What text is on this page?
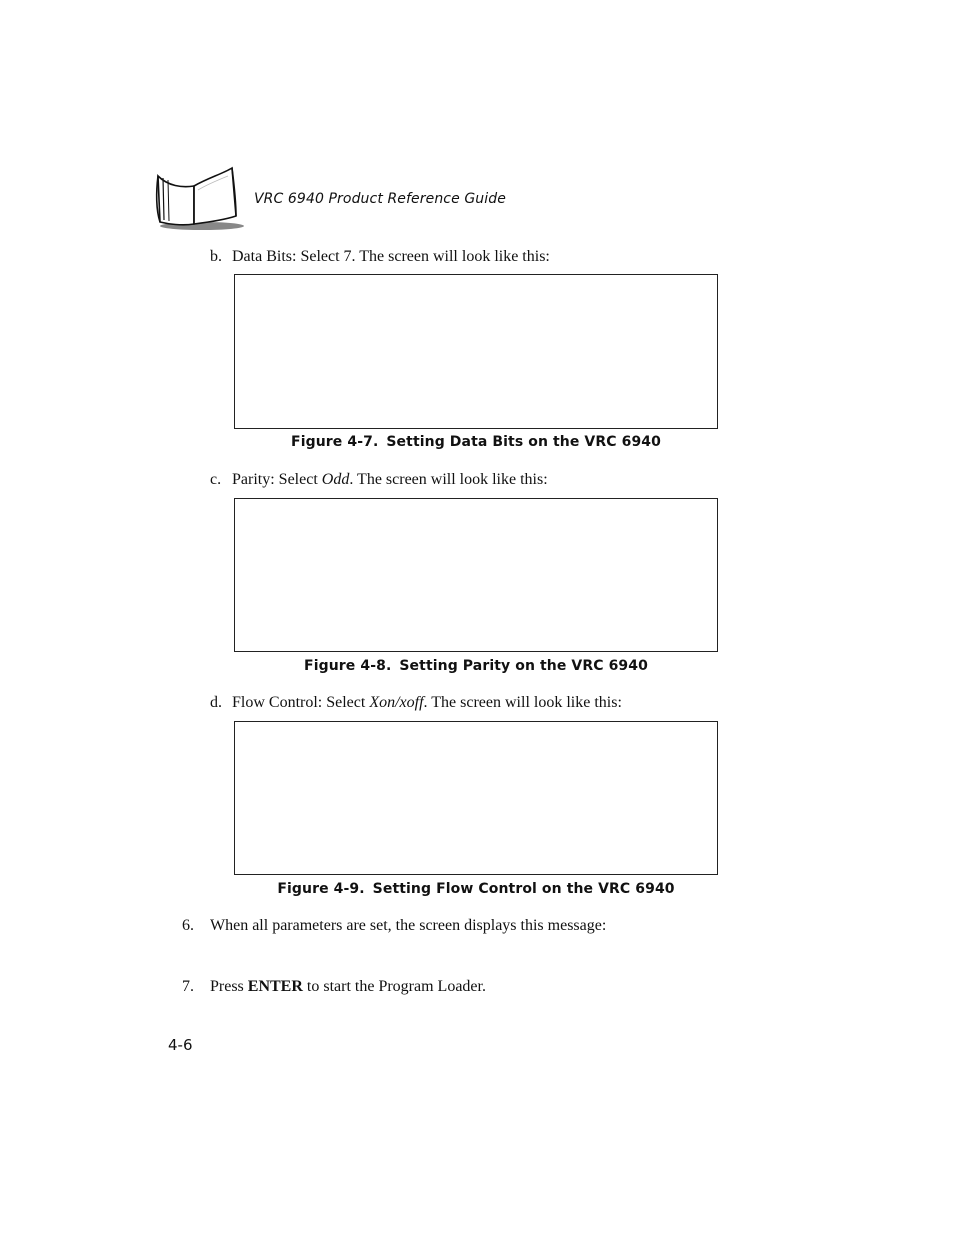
VRC 6940 Product Reference Guide
b. Data Bits: Select 7. The screen will look like this:
Figure 4-7. Setting Data Bits on the VRC 6940
c. Parity: Select Odd. The screen will look like this:
Figure 4-8. Setting Parity on the VRC 6940
d. Flow Control: Select Xon/xoff. The screen will look like this:
Figure 4-9. Setting Flow Control on the VRC 6940
6. When all parameters are set, the screen displays this message:
7. Press ENTER to start the Program Loader.
4-6
